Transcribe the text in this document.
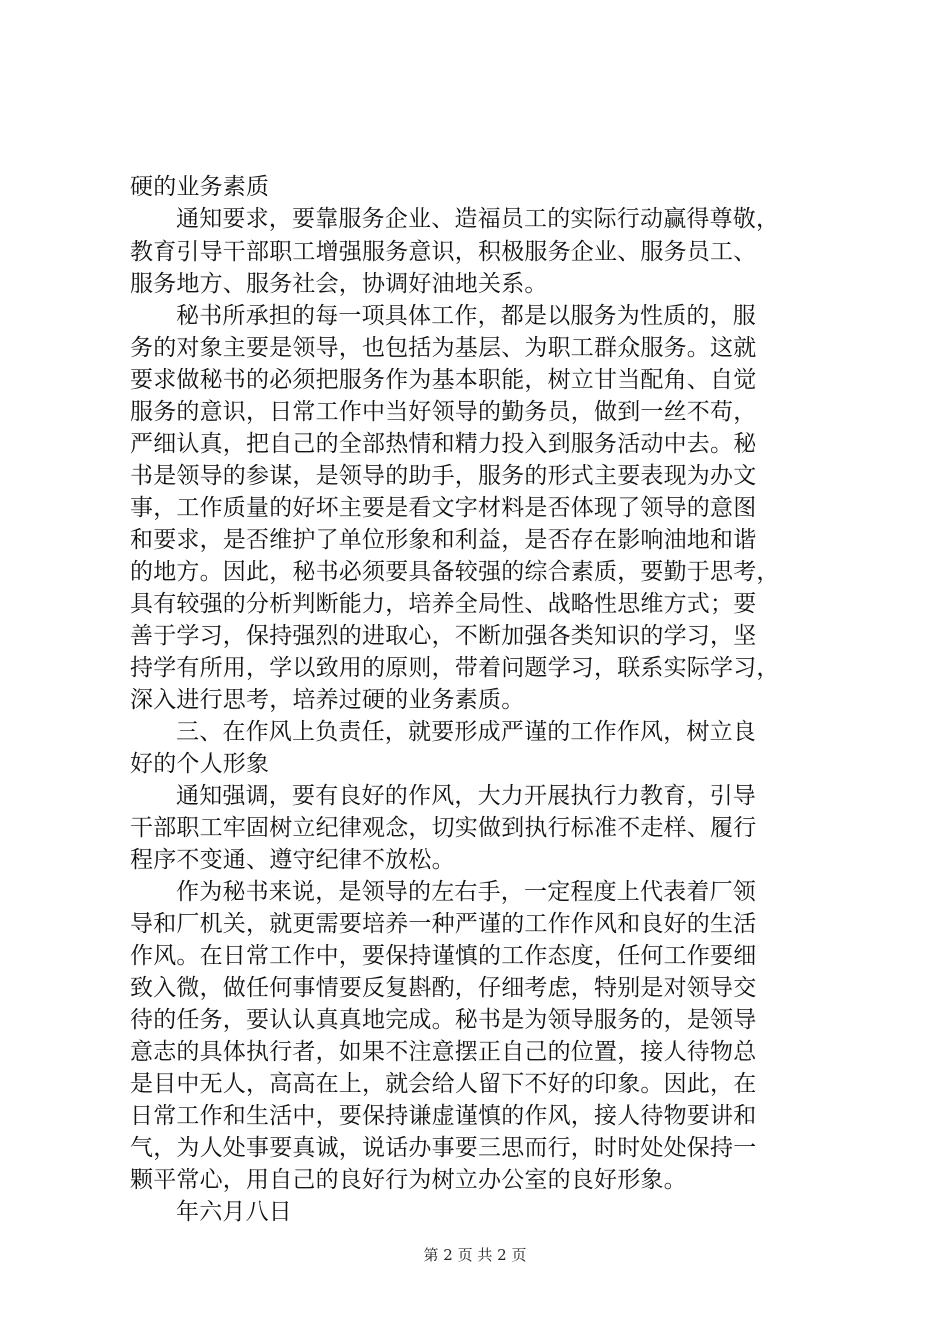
硬的业务素质
通知要求，要靠服务企业、造福员工的实际行动赢得尊敬，
教育引导干部职工增强服务意识，积极服务企业、服务员工、
服务地方、服务社会，协调好油地关系。
秘书所承担的每一项具体工作，都是以服务为性质的，服
务的对象主要是领导，也包括为基层、为职工群众服务。这就
要求做秘书的必须把服务作为基本职能，树立甘当配角、自觉
服务的意识，日常工作中当好领导的勤务员，做到一丝不苟，
严细认真，把自己的全部热情和精力投入到服务活动中去。秘
书是领导的参谋，是领导的助手，服务的形式主要表现为办文
事，工作质量的好坏主要是看文字材料是否体现了领导的意图
和要求，是否维护了单位形象和利益，是否存在影响油地和谐
的地方。因此，秘书必须要具备较强的综合素质，要勤于思考，
具有较强的分析判断能力，培养全局性、战略性思维方式；要
善于学习，保持强烈的进取心，不断加强各类知识的学习，坚
持学有所用，学以致用的原则，带着问题学习，联系实际学习，
深入进行思考，培养过硬的业务素质。
三、在作风上负责任，就要形成严谨的工作作风，树立良
好的个人形象
通知强调，要有良好的作风，大力开展执行力教育，引导
干部职工牢固树立纪律观念，切实做到执行标准不走样、履行
程序不变通、遵守纪律不放松。
作为秘书来说，是领导的左右手，一定程度上代表着厂领
导和厂机关，就更需要培养一种严谨的工作作风和良好的生活
作风。在日常工作中，要保持谨慎的工作态度，任何工作要细
致入微，做任何事情要反复斟酌，仔细考虑，特别是对领导交
待的任务，要认认真真地完成。秘书是为领导服务的，是领导
意志的具体执行者，如果不注意摆正自己的位置，接人待物总
是目中无人，高高在上，就会给人留下不好的印象。因此，在
日常工作和生活中，要保持谦虚谨慎的作风，接人待物要讲和
气，为人处事要真诚，说话办事要三思而行，时时处处保持一
颗平常心，用自己的良好行为树立办公室的良好形象。
年六月八日
第 2 页 共 2 页
